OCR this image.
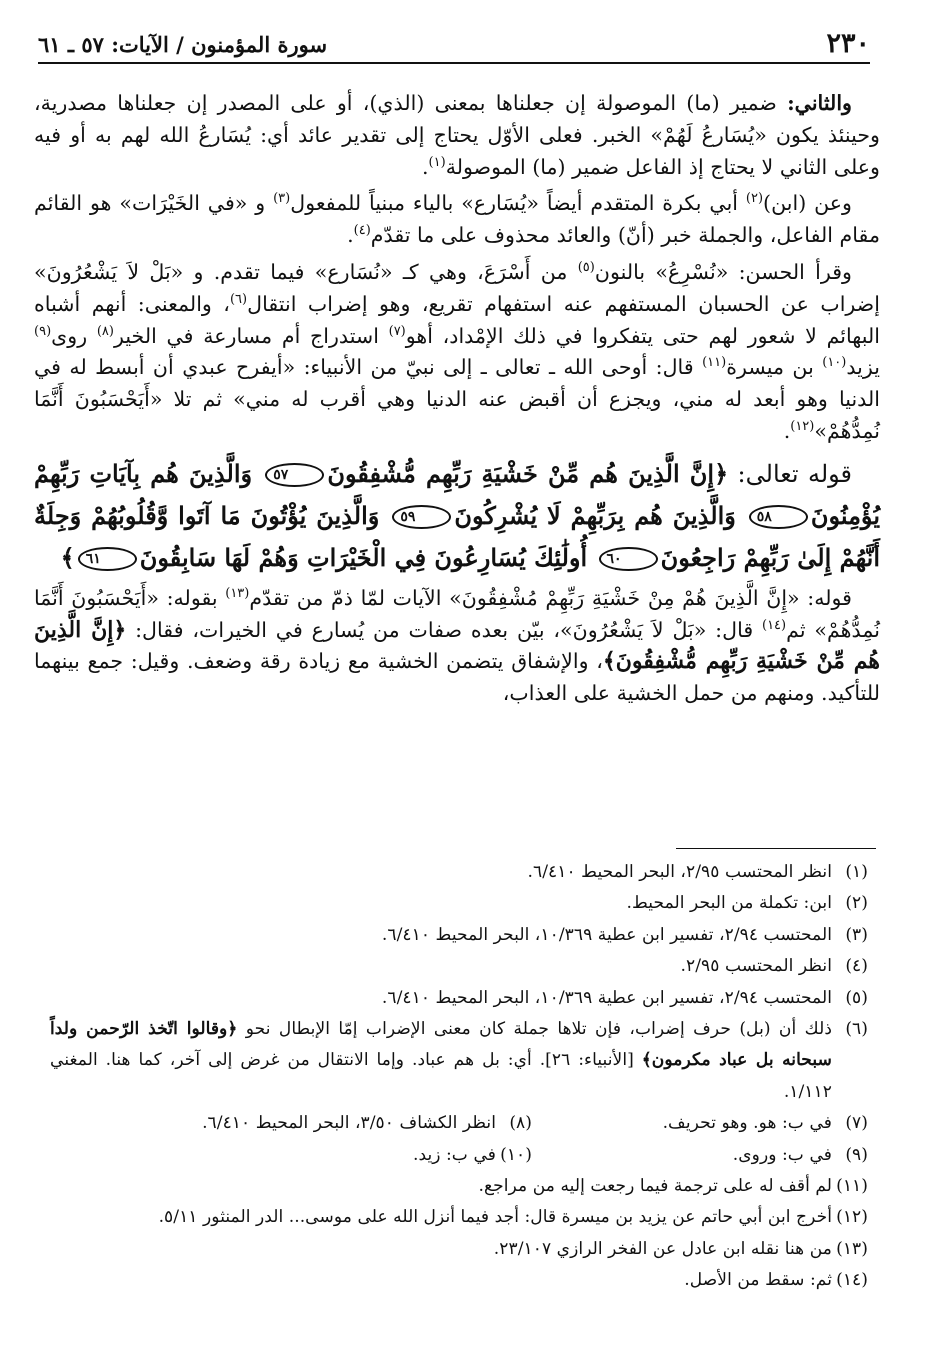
٢٣٠
سورة المؤمنون / الآيات: ٥٧ ـ ٦١

والثاني: ضمير (ما) الموصولة إن جعلناها بمعنى (الذي)، أو على المصدر إن جعلناها مصدرية، وحينئذ يكون «يُسَارعُ لَهُمْ» الخبر. فعلى الأوّل يحتاج إلى تقدير عائد أي: يُسَارعُ الله لهم به أو فيه وعلى الثاني لا يحتاج إذ الفاعل ضمير (ما) الموصولة$^{(١)}$.

وعن (ابن)$^{(٢)}$ أبي بكرة المتقدم أيضاً «يُسَارع» بالياء مبنياً للمفعول$^{(٣)}$ و «في الخَيْرَات» هو القائم مقام الفاعل، والجملة خبر (أنّ) والعائد محذوف على ما تقدّم$^{(٤)}$.

وقرأ الحسن: «نُسْرِعُ» بالنون$^{(٥)}$ من أَسْرَعَ، وهي كـ «نُسَارع» فيما تقدم. و «بَلْ لاَ يَشْعُرُونَ» إضراب عن الحسبان المستفهم عنه استفهام تقريع، وهو إضراب انتقال$^{(٦)}$، والمعنى: أنهم أشباه البهائم لا شعور لهم حتى يتفكروا في ذلك الإمْداد، أهو$^{(٧)}$ استدراج أم مسارعة في الخير$^{(٨)}$ روى$^{(٩)}$ يزيد$^{(١٠)}$ بن ميسرة$^{(١١)}$ قال: أوحى الله ـ تعالى ـ إلى نبيّ من الأنبياء: «أيفرح عبدي أن أبسط له في الدنيا وهو أبعد له مني، ويجزع أن أقبض عنه الدنيا وهي أقرب له مني» ثم تلا «أَيَحْسَبُونَ أَنَّمَا نُمِدُّهُمْ»$^{(١٢)}$.

قوله تعالى: ﴿إِنَّ الَّذِينَ هُم مِّنْ خَشْيَةِ رَبِّهِم مُّشْفِقُونَ٥٧ وَالَّذِينَ هُم بِآيَاتِ رَبِّهِمْ يُؤْمِنُونَ٥٨ وَالَّذِينَ هُم بِرَبِّهِمْ لَا يُشْرِكُونَ٥٩ وَالَّذِينَ يُؤْتُونَ مَا آتَوا وَّقُلُوبُهُمْ وَجِلَةٌ أَنَّهُمْ إِلَىٰ رَبِّهِمْ رَاجِعُونَ٦٠ أُولَٰئِكَ يُسَارِعُونَ فِي الْخَيْرَاتِ وَهُمْ لَهَا سَابِقُونَ٦١﴾

قوله: «إِنَّ الَّذِينَ هُمْ مِنْ خَشْيَةِ رَبِّهِمْ مُشْفِقُونَ» الآيات لمّا ذمّ من تقدّم$^{(١٣)}$ بقوله: «أَيَحْسَبُونَ أَنَّمَا نُمِدُّهُمْ» ثم$^{(١٤)}$ قال: «بَلْ لاَ يَشْعُرُونَ»، بيّن بعده صفات من يُسارع في الخيرات، فقال: ﴿إِنَّ الَّذِينَ هُم مِّنْ خَشْيَةِ رَبِّهِم مُّشْفِقُونَ﴾، والإشفاق يتضمن الخشية مع زيادة رقة وضعف. وقيل: جمع بينهما للتأكيد. ومنهم من حمل الخشية على العذاب،

(١)
انظر المحتسب ٢/٩٥، البحر المحيط ٦/٤١٠.
(٢)
ابن: تكملة من البحر المحيط.
(٣)
المحتسب ٢/٩٤، تفسير ابن عطية ١٠/٣٦٩، البحر المحيط ٦/٤١٠.
(٤)
انظر المحتسب ٢/٩٥.
(٥)
المحتسب ٢/٩٤، تفسير ابن عطية ١٠/٣٦٩، البحر المحيط ٦/٤١٠.
(٦)
ذلك أن (بل) حرف إضراب، فإن تلاها جملة كان معنى الإضراب إمّا الإبطال نحو ﴿وقالوا اتّخذ الرّحمن ولداً سبحانه بل عباد مكرمون﴾ [الأنبياء: ٢٦]. أي: بل هم عباد. وإما الانتقال من غرض إلى آخر، كما هنا. المغني ١/١١٢.
(٧)
في ب: هو. وهو تحريف.
(٨)
انظر الكشاف ٣/٥٠، البحر المحيط ٦/٤١٠.
(٩)
في ب: وروى.
(١٠)
في ب: زيد.
(١١)
لم أقف له على ترجمة فيما رجعت إليه من مراجع.
(١٢)
أخرج ابن أبي حاتم عن يزيد بن ميسرة قال: أجد فيما أنزل الله على موسى... الدر المنثور ٥/١١.
(١٣)
من هنا نقله ابن عادل عن الفخر الرازي ٢٣/١٠٧.
(١٤)
ثم: سقط من الأصل.
